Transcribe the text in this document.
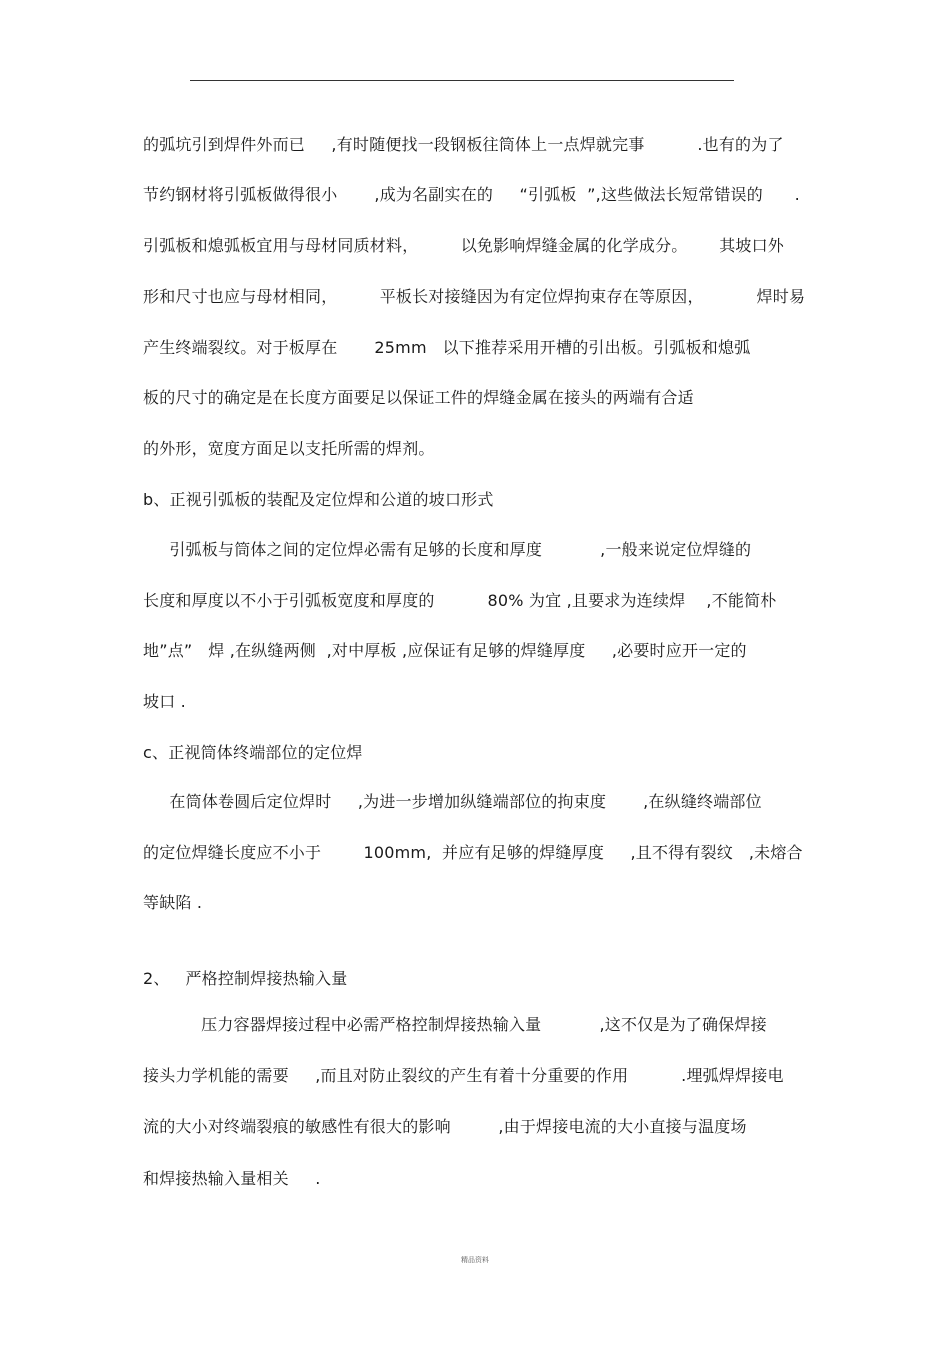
的弧坑引到焊件外而已     ,有时随便找一段钢板往筒体上一点焊就完事          .也有的为了
节约钢材将引弧板做得很小       ,成为名副实在的     “引弧板  ”,这些做法长短常错误的      .
引弧板和熄弧板宜用与母材同质材料，        以免影响焊缝金属的化学成分。      其坡口外
形和尺寸也应与母材相同，        平板长对接缝因为有定位焊拘束存在等原因，          焊时易
产生终端裂纹。对于板厚在       25mm   以下推荐采用开槽的引出板。引弧板和熄弧
板的尺寸的确定是在长度方面要足以保证工件的焊缝金属在接头的两端有合适
的外形，宽度方面足以支托所需的焊剂。
b、正视引弧板的装配及定位焊和公道的坡口形式
引弧板与筒体之间的定位焊必需有足够的长度和厚度           ,一般来说定位焊缝的
长度和厚度以不小于引弧板宽度和厚度的          80% 为宜 ,且要求为连续焊    ,不能简朴
地”点”   焊 ,在纵缝两侧  ,对中厚板 ,应保证有足够的焊缝厚度     ,必要时应开一定的
坡口 .
c、正视筒体终端部位的定位焊
在筒体卷圆后定位焊时     ,为进一步增加纵缝端部位的拘束度       ,在纵缝终端部位
的定位焊缝长度应不小于        100mm,  并应有足够的焊缝厚度     ,且不得有裂纹   ,未熔合
等缺陷 .
2、   严格控制焊接热输入量
压力容器焊接过程中必需严格控制焊接热输入量           ,这不仅是为了确保焊接
接头力学机能的需要     ,而且对防止裂纹的产生有着十分重要的作用          .埋弧焊焊接电
流的大小对终端裂痕的敏感性有很大的影响         ,由于焊接电流的大小直接与温度场
和焊接热输入量相关     .
精品资料
